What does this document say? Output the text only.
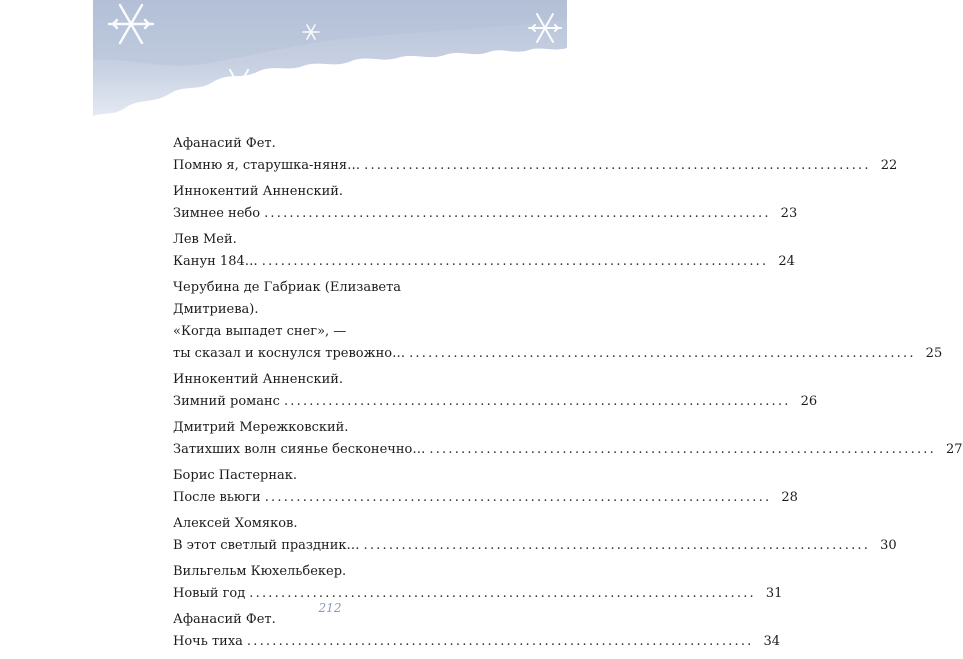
Афанасий Фет.
Помню я, старушка-няня… ................................................................................ 22
Иннокентий Анненский.
Зимнее небо ................................................................................ 23
Лев Мей.
Канун 184… ................................................................................ 24
Черубина де Габриак (Елизавета Дмитриева).
«Когда выпадет снег», —
ты сказал и коснулся тревожно… ................................................................................ 25
Иннокентий Анненский.
Зимний романс ................................................................................ 26
Дмитрий Мережковский.
Затихших волн сиянье бесконечно… ................................................................................ 27
Борис Пастернак.
После вьюги ................................................................................ 28
Алексей Хомяков.
В этот светлый праздник… ................................................................................ 30
Вильгельм Кюхельбекер.
Новый год ................................................................................ 31
Афанасий Фет.
Ночь тиха ................................................................................ 34
212
